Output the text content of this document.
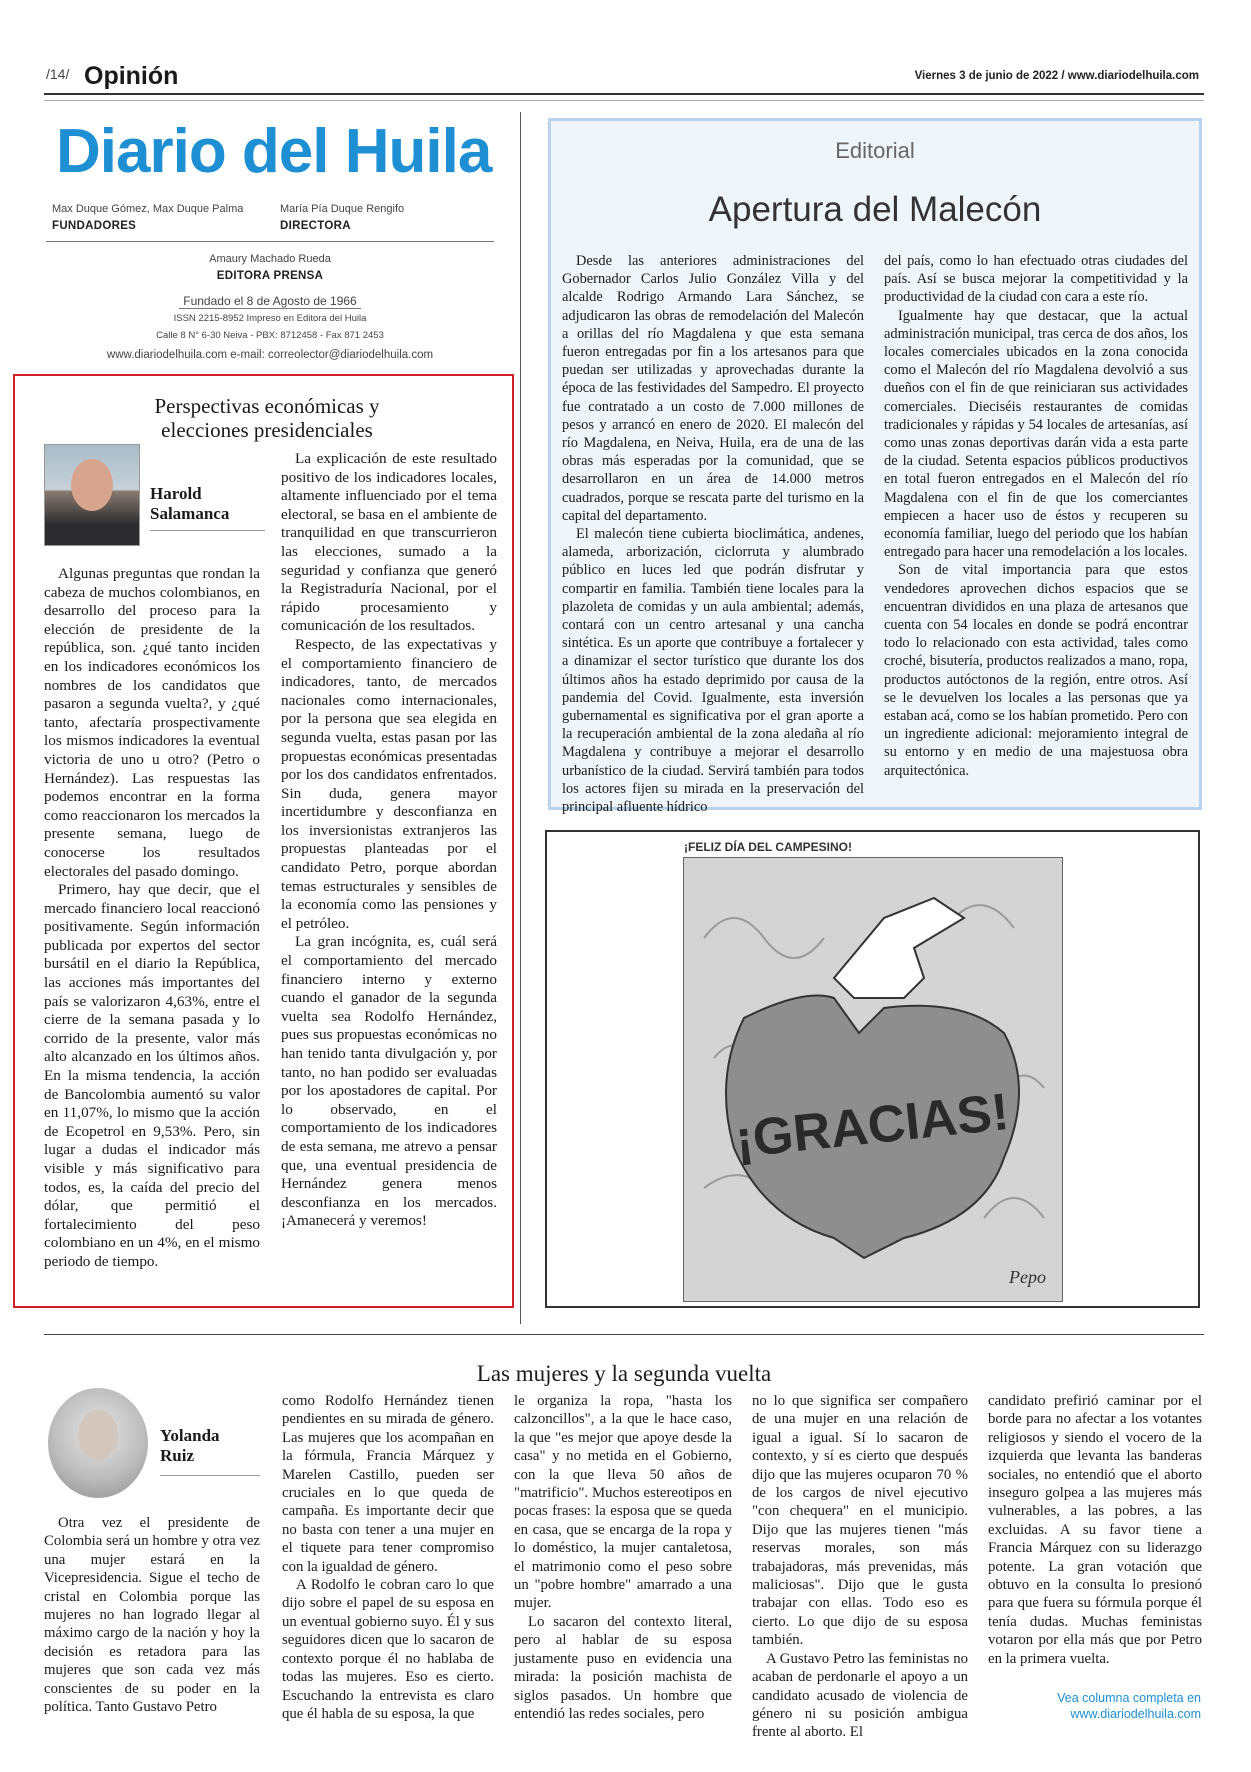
/14/ Opinión	Viernes 3 de junio de 2022 / www.diariodelhuila.com
Diario del Huila
Max Duque Gómez, Max Duque Palma
FUNDADORES
María Pía Duque Rengifo
DIRECTORA
Amaury Machado Rueda
EDITORA PRENSA
Fundado el 8 de Agosto de 1966
ISSN 2215-8952 Impreso en Editora del Huila
Calle 8 N° 6-30 Neiva - PBX: 8712458 - Fax 871 2453
www.diariodelhuila.com e-mail: correolector@diariodelhuila.com
Perspectivas económicas y
elecciones presidenciales
Harold
Salamanca

Algunas preguntas que rondan la cabeza de muchos colombianos, en desarrollo del proceso para la elección de presidente de la república, son. ¿qué tanto inciden en los indicadores económicos los nombres de los candidatos que pasaron a segunda vuelta?, y ¿qué tanto, afectaría prospectivamente los mismos indicadores la eventual victoria de uno u otro? (Petro o Hernández). Las respuestas las podemos encontrar en la forma como reaccionaron los mercados la presente semana, luego de conocerse los resultados electorales del pasado domingo.

Primero, hay que decir, que el mercado financiero local reaccionó positivamente. Según información publicada por expertos del sector bursátil en el diario la República, las acciones más importantes del país se valorizaron 4,63%, entre el cierre de la semana pasada y lo corrido de la presente, valor más alto alcanzado en los últimos años. En la misma tendencia, la acción de Bancolombia aumentó su valor en 11,07%, lo mismo que la acción de Ecopetrol en 9,53%. Pero, sin lugar a dudas el indicador más visible y más significativo para todos, es, la caída del precio del dólar, que permitió el fortalecimiento del peso colombiano en un 4%, en el mismo periodo de tiempo.

La explicación de este resultado positivo de los indicadores locales, altamente influenciado por el tema electoral, se basa en el ambiente de tranquilidad en que transcurrieron las elecciones, sumado a la seguridad y confianza que generó la Registraduría Nacional, por el rápido procesamiento y comunicación de los resultados.

Respecto, de las expectativas y el comportamiento financiero de indicadores, tanto, de mercados nacionales como internacionales, por la persona que sea elegida en segunda vuelta, estas pasan por las propuestas económicas presentadas por los dos candidatos enfrentados. Sin duda, genera mayor incertidumbre y desconfianza en los inversionistas extranjeros las propuestas planteadas por el candidato Petro, porque abordan temas estructurales y sensibles de la economía como las pensiones y el petróleo.

La gran incógnita, es, cuál será el comportamiento del mercado financiero interno y externo cuando el ganador de la segunda vuelta sea Rodolfo Hernández, pues sus propuestas económicas no han tenido tanta divulgación y, por tanto, no han podido ser evaluadas por los apostadores de capital. Por lo observado, en el comportamiento de los indicadores de esta semana, me atrevo a pensar que, una eventual presidencia de Hernández genera menos desconfianza en los mercados. ¡Amanecerá y veremos!

Editorial
Apertura del Malecón

Desde las anteriores administraciones del Gobernador Carlos Julio González Villa y del alcalde Rodrigo Armando Lara Sánchez, se adjudicaron las obras de remodelación del Malecón a orillas del río Magdalena y que esta semana fueron entregadas por fin a los artesanos para que puedan ser utilizadas y aprovechadas durante la época de las festividades del Sampedro. El proyecto fue contratado a un costo de 7.000 millones de pesos y arrancó en enero de 2020. El malecón del río Magdalena, en Neiva, Huila, era de una de las obras más esperadas por la comunidad, que se desarrollaron en un área de 14.000 metros cuadrados, porque se rescata parte del turismo en la capital del departamento.

El malecón tiene cubierta bioclimática, andenes, alameda, arborización, ciclorruta y alumbrado público en luces led que podrán disfrutar y compartir en familia. También tiene locales para la plazoleta de comidas y un aula ambiental; además, contará con un centro artesanal y una cancha sintética. Es un aporte que contribuye a fortalecer y a dinamizar el sector turístico que durante los dos últimos años ha estado deprimido por causa de la pandemia del Covid. Igualmente, esta inversión gubernamental es significativa por el gran aporte a la recuperación ambiental de la zona aledaña al río Magdalena y contribuye a mejorar el desarrollo urbanístico de la ciudad. Servirá también para todos los actores fijen su mirada en la preservación del principal afluente hídrico

del país, como lo han efectuado otras ciudades del país. Así se busca mejorar la competitividad y la productividad de la ciudad con cara a este río.

Igualmente hay que destacar, que la actual administración municipal, tras cerca de dos años, los locales comerciales ubicados en la zona conocida como el Malecón del río Magdalena devolvió a sus dueños con el fin de que reiniciaran sus actividades comerciales. Dieciséis restaurantes de comidas tradicionales y rápidas y 54 locales de artesanías, así como unas zonas deportivas darán vida a esta parte de la ciudad. Setenta espacios públicos productivos en total fueron entregados en el Malecón del río Magdalena con el fin de que los comerciantes empiecen a hacer uso de éstos y recuperen su economía familiar, luego del periodo que los habían entregado para hacer una remodelación a los locales.

Son de vital importancia para que estos vendedores aprovechen dichos espacios que se encuentran divididos en una plaza de artesanos que cuenta con 54 locales en donde se podrá encontrar todo lo relacionado con esta actividad, tales como croché, bisutería, productos realizados a mano, ropa, productos autóctonos de la región, entre otros. Así se le devuelven los locales a las personas que ya estaban acá, como se los habían prometido. Pero con un ingrediente adicional: mejoramiento integral de su entorno y en medio de una majestuosa obra arquitectónica.

¡FELIZ DÍA DEL CAMPESINO!
¡GRACIAS!
Pepo
Las mujeres y la segunda vuelta
Yolanda
Ruiz

Otra vez el presidente de Colombia será un hombre y otra vez una mujer estará en la Vicepresidencia. Sigue el techo de cristal en Colombia porque las mujeres no han logrado llegar al máximo cargo de la nación y hoy la decisión es retadora para las mujeres que son cada vez más conscientes de su poder en la política. Tanto Gustavo Petro

como Rodolfo Hernández tienen pendientes en su mirada de género. Las mujeres que los acompañan en la fórmula, Francia Márquez y Marelen Castillo, pueden ser cruciales en lo que queda de campaña. Es importante decir que no basta con tener a una mujer en el tiquete para tener compromiso con la igualdad de género.

A Rodolfo le cobran caro lo que dijo sobre el papel de su esposa en un eventual gobierno suyo. Él y sus seguidores dicen que lo sacaron de contexto porque él no hablaba de todas las mujeres. Eso es cierto. Escuchando la entrevista es claro que él habla de su esposa, la que

le organiza la ropa, "hasta los calzoncillos", a la que le hace caso, la que "es mejor que apoye desde la casa" y no metida en el Gobierno, con la que lleva 50 años de "matrificio". Muchos estereotipos en pocas frases: la esposa que se queda en casa, que se encarga de la ropa y lo doméstico, la mujer cantaletosa, el matrimonio como el peso sobre un "pobre hombre" amarrado a una mujer.

Lo sacaron del contexto literal, pero al hablar de su esposa justamente puso en evidencia una mirada: la posición machista de siglos pasados. Un hombre que entendió las redes sociales, pero

no lo que significa ser compañero de una mujer en una relación de igual a igual. Sí lo sacaron de contexto, y sí es cierto que después dijo que las mujeres ocuparon 70 % de los cargos de nivel ejecutivo "con chequera" en el municipio. Dijo que las mujeres tienen "más reservas morales, son más trabajadoras, más prevenidas, más maliciosas". Dijo que le gusta trabajar con ellas. Todo eso es cierto. Lo que dijo de su esposa también.

A Gustavo Petro las feministas no acaban de perdonarle el apoyo a un candidato acusado de violencia de género ni su posición ambigua frente al aborto. El

candidato prefirió caminar por el borde para no afectar a los votantes religiosos y siendo el vocero de la izquierda que levanta las banderas sociales, no entendió que el aborto inseguro golpea a las mujeres más vulnerables, a las pobres, a las excluidas. A su favor tiene a Francia Márquez con su liderazgo potente. La gran votación que obtuvo en la consulta lo presionó para que fuera su fórmula porque él tenía dudas. Muchas feministas votaron por ella más que por Petro en la primera vuelta.

Vea columna completa en
www.diariodelhuila.com
